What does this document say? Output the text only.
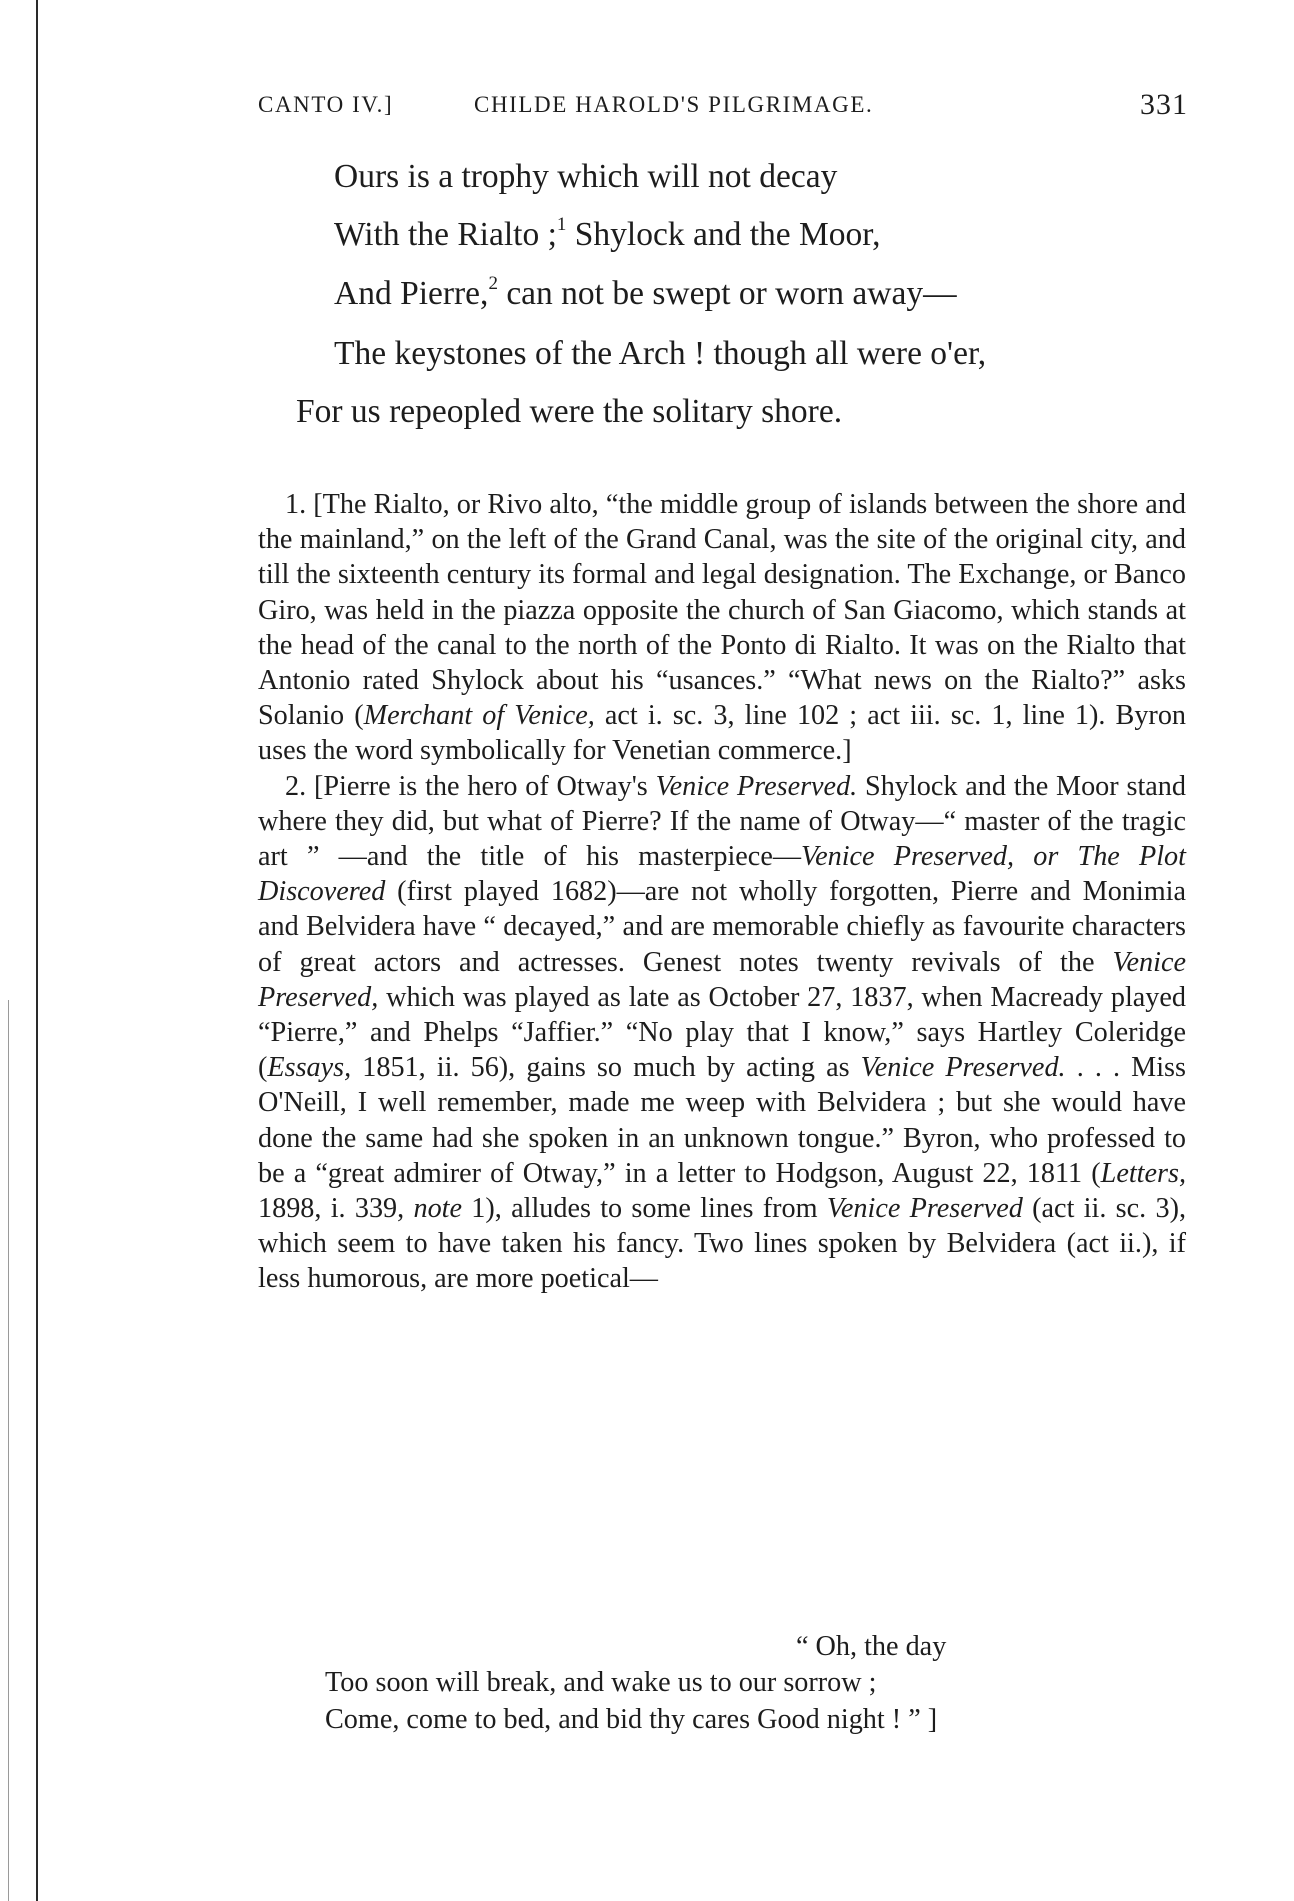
CANTO IV.]	CHILDE HAROLD'S PILGRIMAGE.	331
Ours is a trophy which will not decay
With the Rialto ;$^1$ Shylock and the Moor,
And Pierre,$^2$ can not be swept or worn away—
The keystones of the Arch ! though all were o'er,
For us repeopled were the solitary shore.

1. [The Rialto, or Rivo alto, “the middle group of islands between the shore and the mainland,” on the left of the Grand Canal, was the site of the original city, and till the sixteenth century its formal and legal designation. The Exchange, or Banco Giro, was held in the piazza opposite the church of San Giacomo, which stands at the head of the canal to the north of the Ponto di Rialto. It was on the Rialto that Antonio rated Shylock about his “usances.” “What news on the Rialto?” asks Solanio (Merchant of Venice, act i. sc. 3, line 102 ; act iii. sc. 1, line 1). Byron uses the word symbolically for Venetian commerce.]

2. [Pierre is the hero of Otway's Venice Preserved. Shylock and the Moor stand where they did, but what of Pierre? If the name of Otway—“ master of the tragic art ” —and the title of his masterpiece—Venice Preserved, or The Plot Discovered (first played 1682)—are not wholly forgotten, Pierre and Monimia and Belvidera have “ decayed,” and are memorable chiefly as favourite characters of great actors and actresses. Genest notes twenty revivals of the Venice Preserved, which was played as late as October 27, 1837, when Macready played “Pierre,” and Phelps “Jaffier.” “No play that I know,” says Hartley Coleridge (Essays, 1851, ii. 56), gains so much by acting as Venice Preserved. . . . Miss O'Neill, I well remember, made me weep with Belvidera ; but she would have done the same had she spoken in an unknown tongue.” Byron, who professed to be a “great admirer of Otway,” in a letter to Hodgson, August 22, 1811 (Letters, 1898, i. 339, note 1), alludes to some lines from Venice Preserved (act ii. sc. 3), which seem to have taken his fancy. Two lines spoken by Belvidera (act ii.), if less humorous, are more poetical—

“ Oh, the day
Too soon will break, and wake us to our sorrow ;
Come, come to bed, and bid thy cares Good night ! ” ]
